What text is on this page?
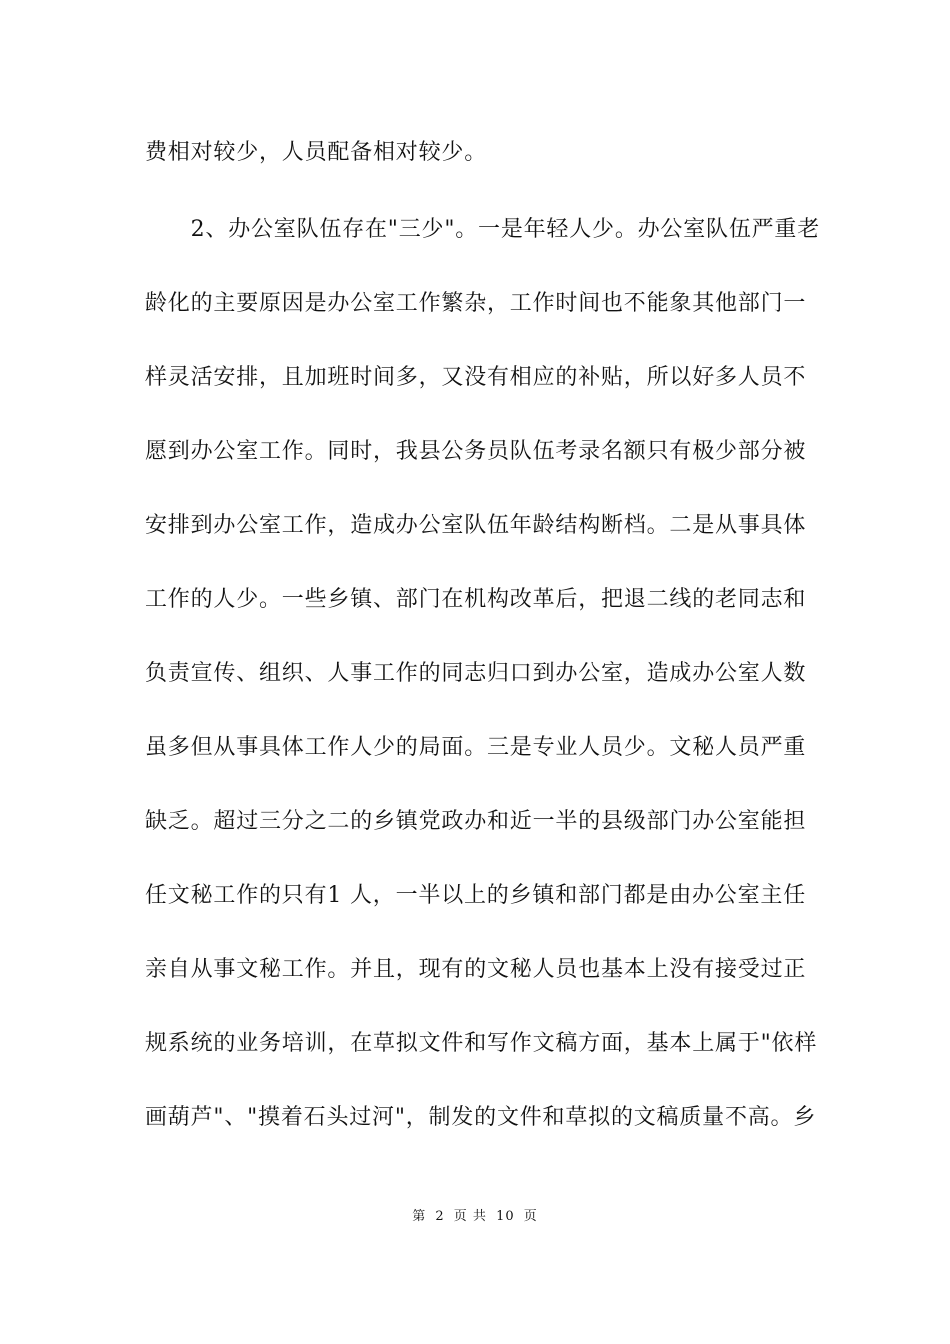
费相对较少，人员配备相对较少。
　　2、办公室队伍存在"三少"。一是年轻人少。办公室队伍严重老
龄化的主要原因是办公室工作繁杂，工作时间也不能象其他部门一
样灵活安排，且加班时间多，又没有相应的补贴，所以好多人员不
愿到办公室工作。同时，我县公务员队伍考录名额只有极少部分被
安排到办公室工作，造成办公室队伍年龄结构断档。二是从事具体
工作的人少。一些乡镇、部门在机构改革后，把退二线的老同志和
负责宣传、组织、人事工作的同志归口到办公室，造成办公室人数
虽多但从事具体工作人少的局面。三是专业人员少。文秘人员严重
缺乏。超过三分之二的乡镇党政办和近一半的县级部门办公室能担
任文秘工作的只有1 人，一半以上的乡镇和部门都是由办公室主任
亲自从事文秘工作。并且，现有的文秘人员也基本上没有接受过正
规系统的业务培训，在草拟文件和写作文稿方面，基本上属于"依样
画葫芦"、"摸着石头过河"，制发的文件和草拟的文稿质量不高。乡
第 2 页 共 10 页
